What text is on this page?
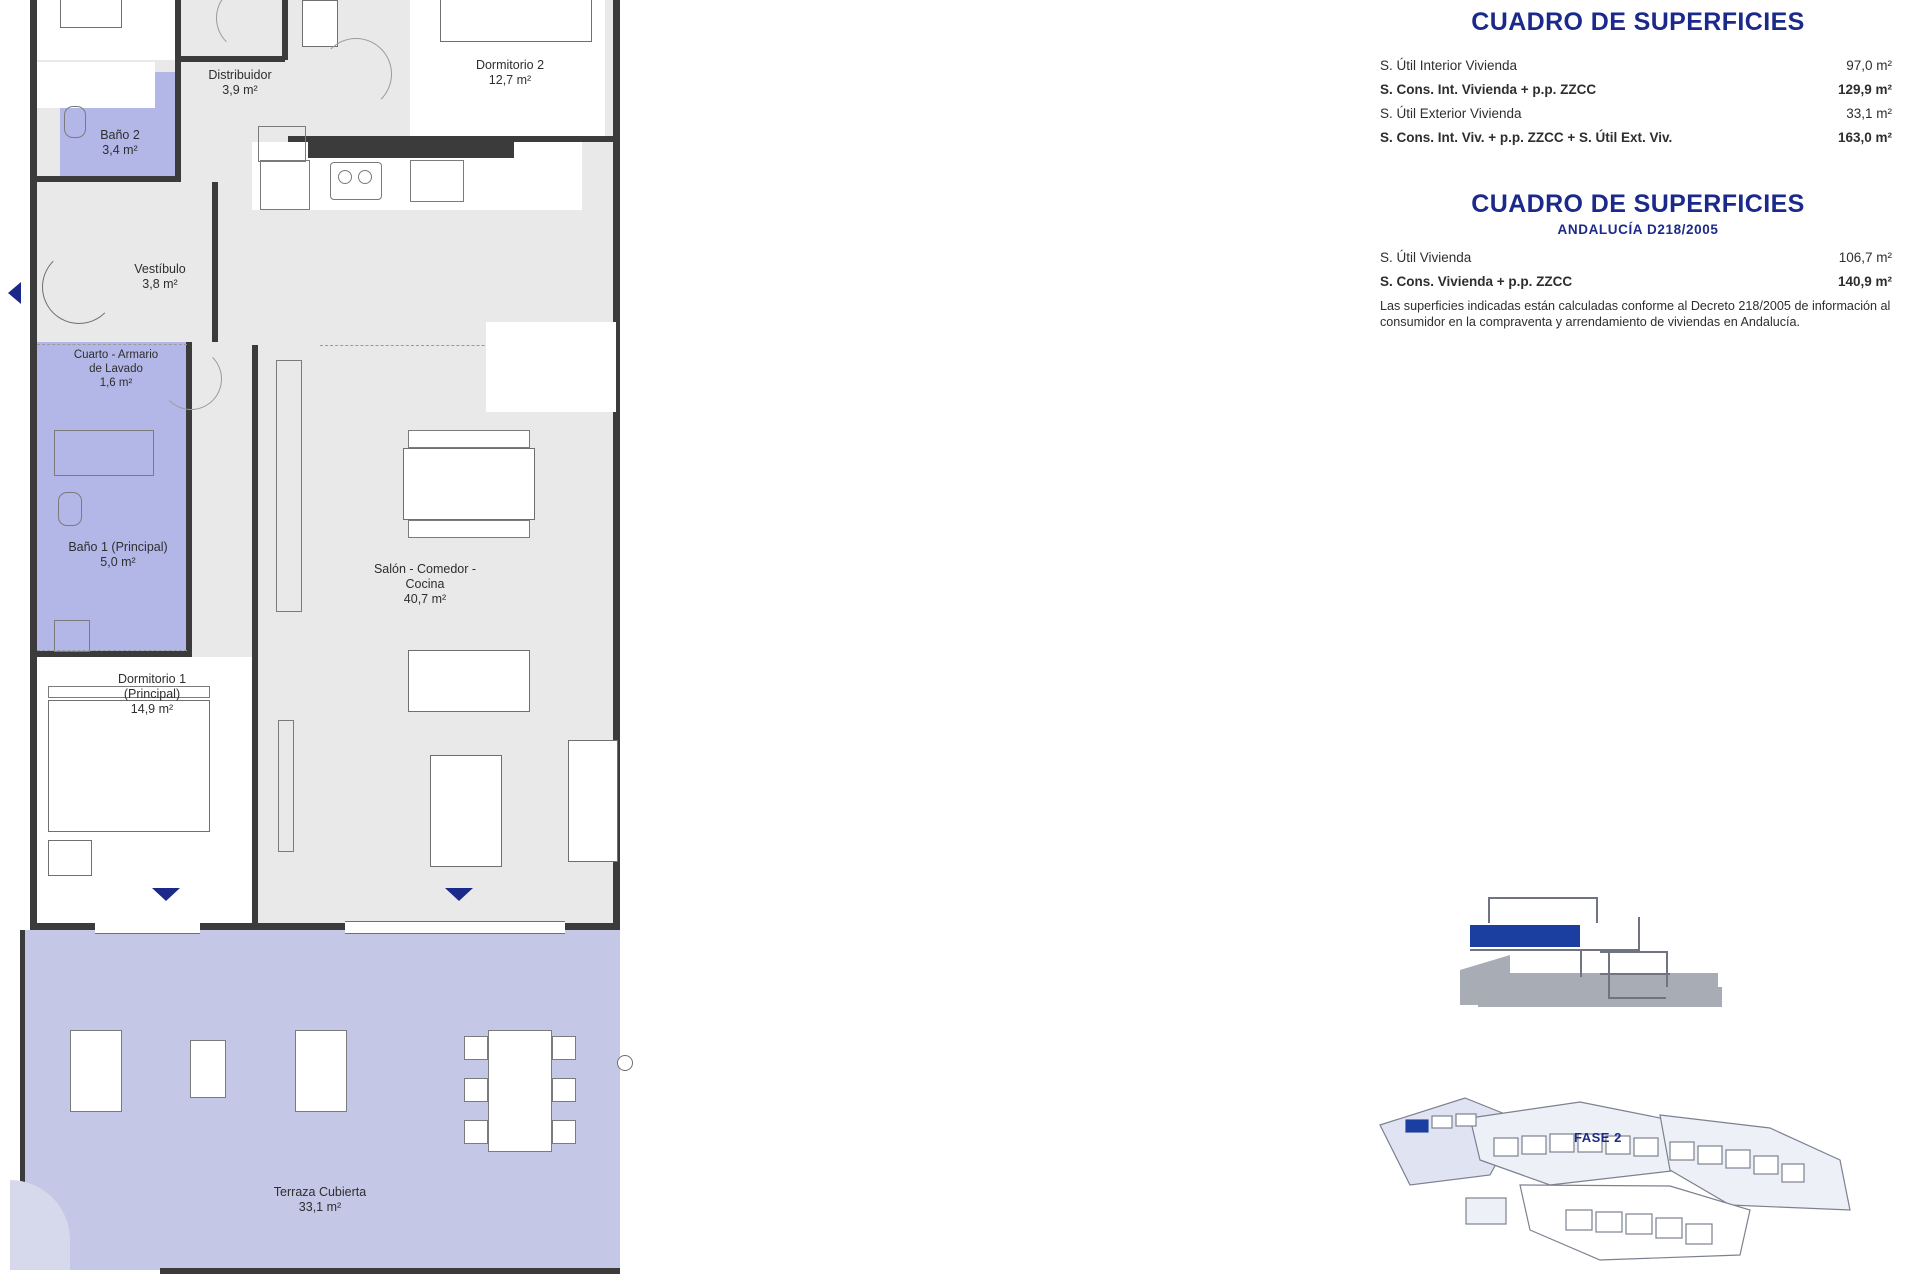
Dormitorio 2
12,7 m²
Distribuidor
3,9 m²
Baño 2
3,4 m²
Vestíbulo
3,8 m²
Cuarto - Armario
de Lavado
1,6 m²
Baño 1 (Principal)
5,0 m²
Dormitorio 1
(Principal)
14,9 m²
Salón - Comedor -
Cocina
40,7 m²
Terraza Cubierta
33,1 m²
CUADRO DE SUPERFICIES
S. Útil Interior Vivienda	97,0 m²
S. Cons. Int. Vivienda + p.p. ZZCC	129,9 m²
S. Útil Exterior Vivienda	33,1 m²
S. Cons. Int. Viv. + p.p. ZZCC + S. Útil Ext. Viv.	163,0 m²
CUADRO DE SUPERFICIES
ANDALUCÍA D218/2005
S. Útil Vivienda	106,7 m²
S. Cons. Vivienda + p.p. ZZCC	140,9 m²
Las superficies indicadas están calculadas conforme al Decreto 218/2005 de información al consumidor en la compraventa y arrendamiento de viviendas en Andalucía.
FASE 2
